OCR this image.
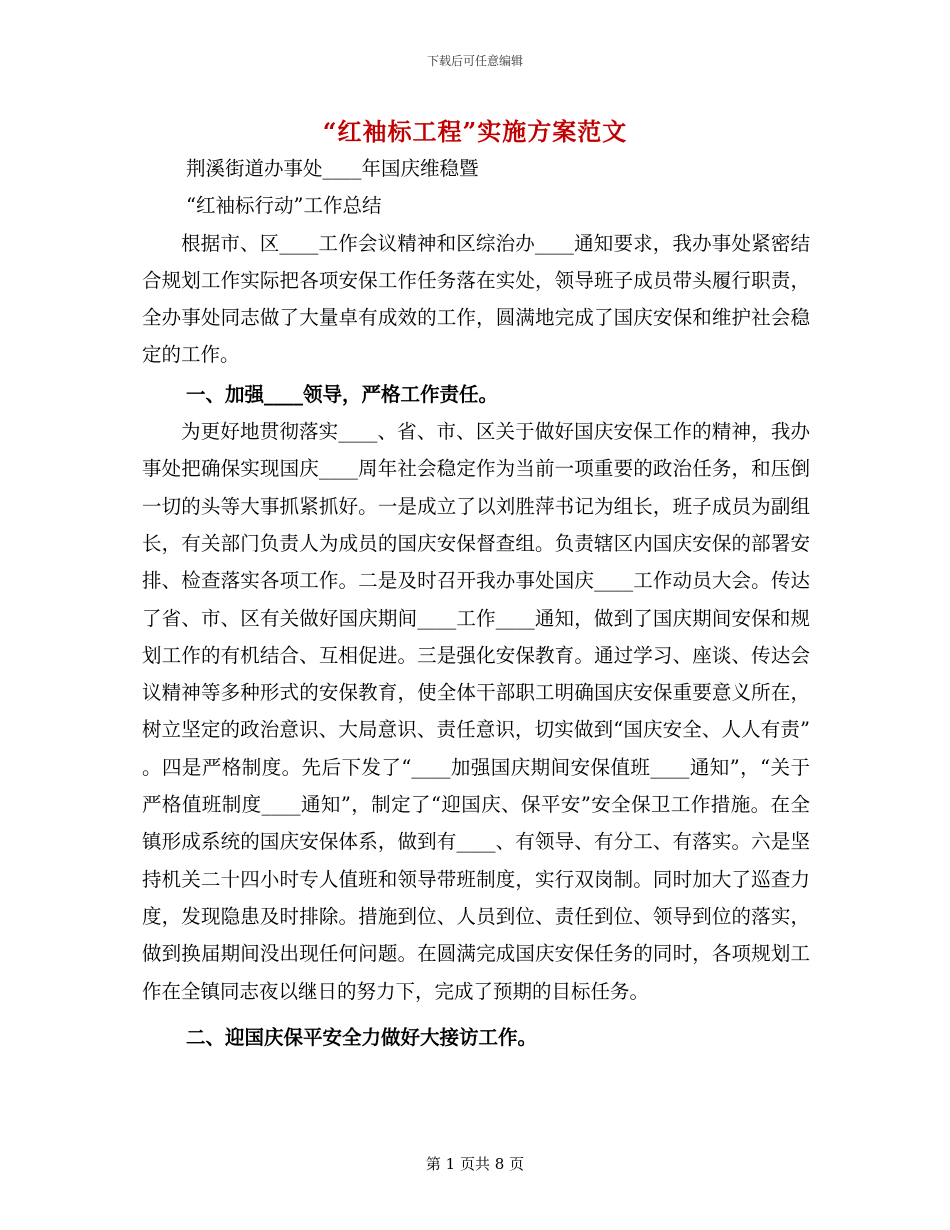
下载后可任意编辑
“红袖标工程”实施方案范文

荆溪街道办事处____年国庆维稳暨

“红袖标行动”工作总结

根据市、区____工作会议精神和区综治办____通知要求，我办事处紧密结合规划工作实际把各项安保工作任务落在实处，领导班子成员带头履行职责，全办事处同志做了大量卓有成效的工作，圆满地完成了国庆安保和维护社会稳定的工作。

一、加强____领导，严格工作责任。

为更好地贯彻落实____、省、市、区关于做好国庆安保工作的精神，我办事处把确保实现国庆____周年社会稳定作为当前一项重要的政治任务，和压倒一切的头等大事抓紧抓好。一是成立了以刘胜萍书记为组长，班子成员为副组长，有关部门负责人为成员的国庆安保督查组。负责辖区内国庆安保的部署安排、检查落实各项工作。二是及时召开我办事处国庆____工作动员大会。传达了省、市、区有关做好国庆期间____工作____通知，做到了国庆期间安保和规划工作的有机结合、互相促进。三是强化安保教育。通过学习、座谈、传达会议精神等多种形式的安保教育，使全体干部职工明确国庆安保重要意义所在，树立坚定的政治意识、大局意识、责任意识，切实做到“国庆安全、人人有责”。四是严格制度。先后下发了“____加强国庆期间安保值班____通知”，“关于严格值班制度____通知”，制定了“迎国庆、保平安”安全保卫工作措施。在全镇形成系统的国庆安保体系，做到有____、有领导、有分工、有落实。六是坚持机关二十四小时专人值班和领导带班制度，实行双岗制。同时加大了巡查力度，发现隐患及时排除。措施到位、人员到位、责任到位、领导到位的落实，做到换届期间没出现任何问题。在圆满完成国庆安保任务的同时，各项规划工作在全镇同志夜以继日的努力下，完成了预期的目标任务。

二、迎国庆保平安全力做好大接访工作。

第 1 页共 8 页
